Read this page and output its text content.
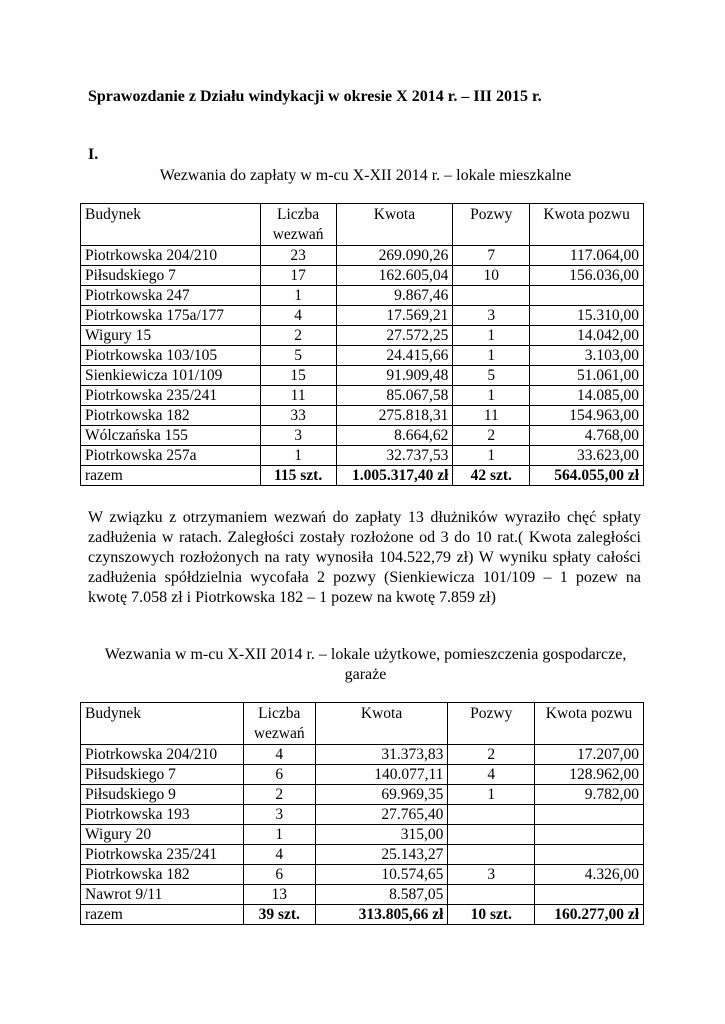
Sprawozdanie z Działu windykacji w okresie X 2014 r. – III 2015 r.
I.
Wezwania do zapłaty w m-cu X-XII 2014 r. – lokale mieszkalne
Budynek	Liczba wezwań	Kwota	Pozwy	Kwota pozwu
Piotrkowska 204/210	23	269.090,26	7	117.064,00
Piłsudskiego 7	17	162.605,04	10	156.036,00
Piotrkowska 247	1	9.867,46		
Piotrkowska 175a/177	4	17.569,21	3	15.310,00
Wigury 15	2	27.572,25	1	14.042,00
Piotrkowska 103/105	5	24.415,66	1	3.103,00
Sienkiewicza 101/109	15	91.909,48	5	51.061,00
Piotrkowska 235/241	11	85.067,58	1	14.085,00
Piotrkowska 182	33	275.818,31	11	154.963,00
Wólczańska 155	3	8.664,62	2	4.768,00
Piotrkowska 257a	1	32.737,53	1	33.623,00
razem	115 szt.	1.005.317,40 zł	42 szt.	564.055,00 zł
W związku z otrzymaniem wezwań do zapłaty 13 dłużników wyraziło chęć spłaty zadłużenia w ratach. Zaległości zostały rozłożone od 3 do 10 rat.( Kwota zaległości czynszowych rozłożonych na raty wynosiła 104.522,79 zł) W wyniku spłaty całości zadłużenia spółdzielnia wycofała 2 pozwy (Sienkiewicza 101/109 – 1 pozew na kwotę 7.058 zł i Piotrkowska 182 – 1 pozew na kwotę 7.859 zł)
Wezwania w m-cu X-XII 2014 r. – lokale użytkowe, pomieszczenia gospodarcze, garaże
Budynek	Liczba wezwań	Kwota	Pozwy	Kwota pozwu
Piotrkowska 204/210	4	31.373,83	2	17.207,00
Piłsudskiego 7	6	140.077,11	4	128.962,00
Piłsudskiego 9	2	69.969,35	1	9.782,00
Piotrkowska 193	3	27.765,40		
Wigury 20	1	315,00		
Piotrkowska 235/241	4	25.143,27		
Piotrkowska 182	6	10.574,65	3	4.326,00
Nawrot 9/11	13	8.587,05		
razem	39 szt.	313.805,66 zł	10 szt.	160.277,00 zł
